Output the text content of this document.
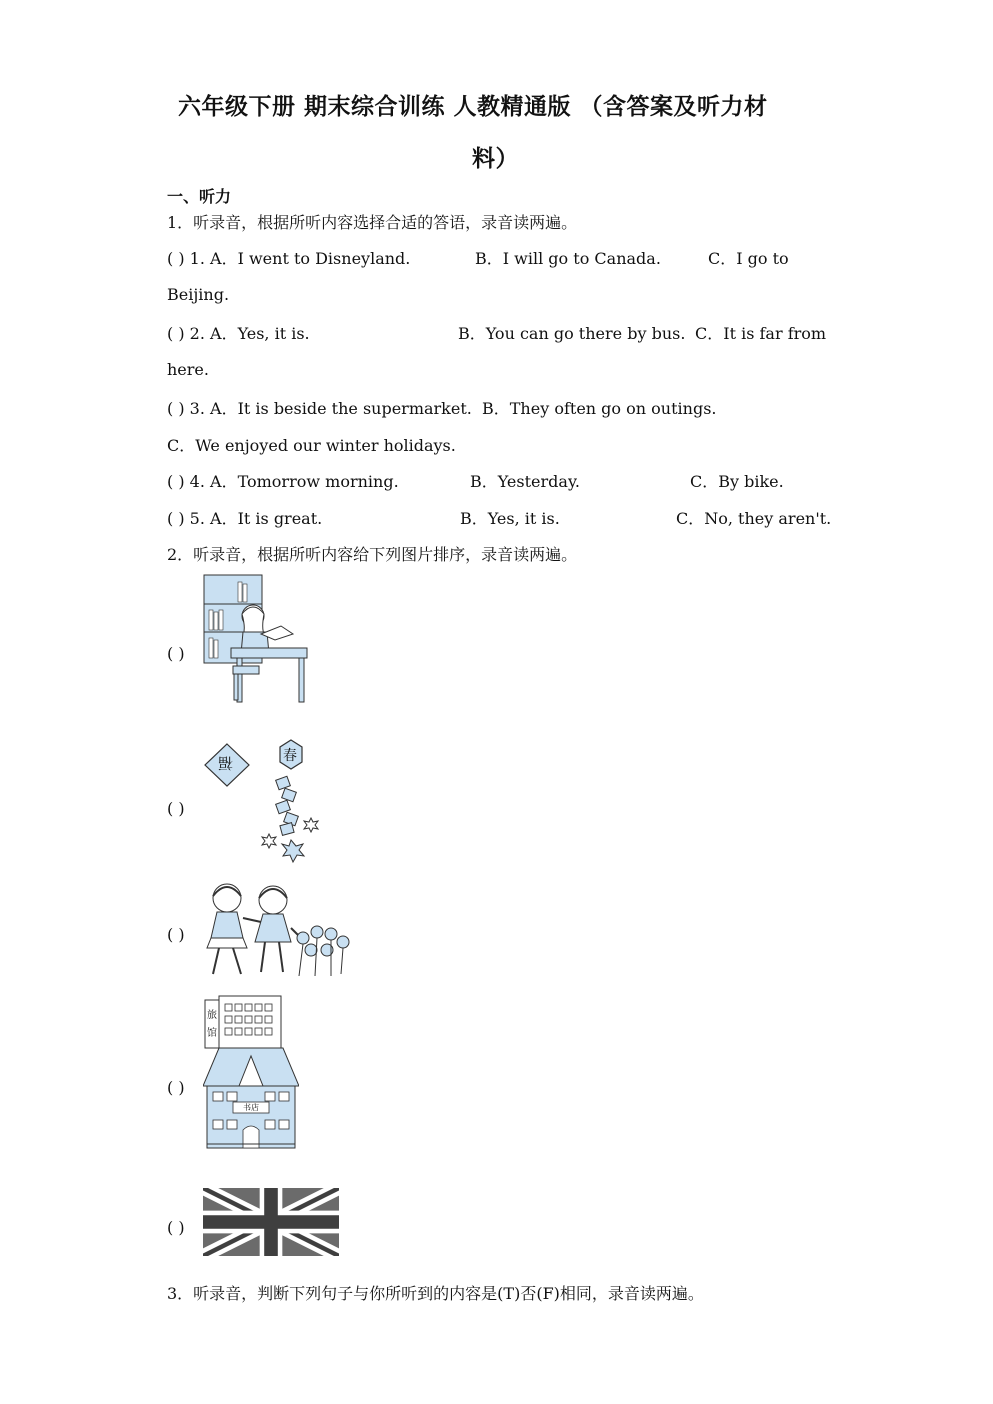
六年级下册 期末综合训练 人教精通版 （含答案及听力材
料）
一、听力
1．听录音，根据所听内容选择合适的答语，录音读两遍。
( ) 1. A．I went to Disneyland.	B．I will go to Canada.	C．I go to
Beijing.
( ) 2. A．Yes, it is.	B．You can go there by bus. C．It is far from
here.
( ) 3. A．It is beside the supermarket. B．They often go on outings.
C．We enjoyed our winter holidays.
( ) 4. A．Tomorrow morning.	B．Yesterday.	C．By bike.
( ) 5. A．It is great.	B．Yes, it is.	C．No, they aren't.
2．听录音，根据所听内容给下列图片排序，录音读两遍。
( )
( )
福	春
( )
( )
旅
馆
书店
( )
3．听录音，判断下列句子与你所听到的内容是(T)否(F)相同，录音读两遍。
